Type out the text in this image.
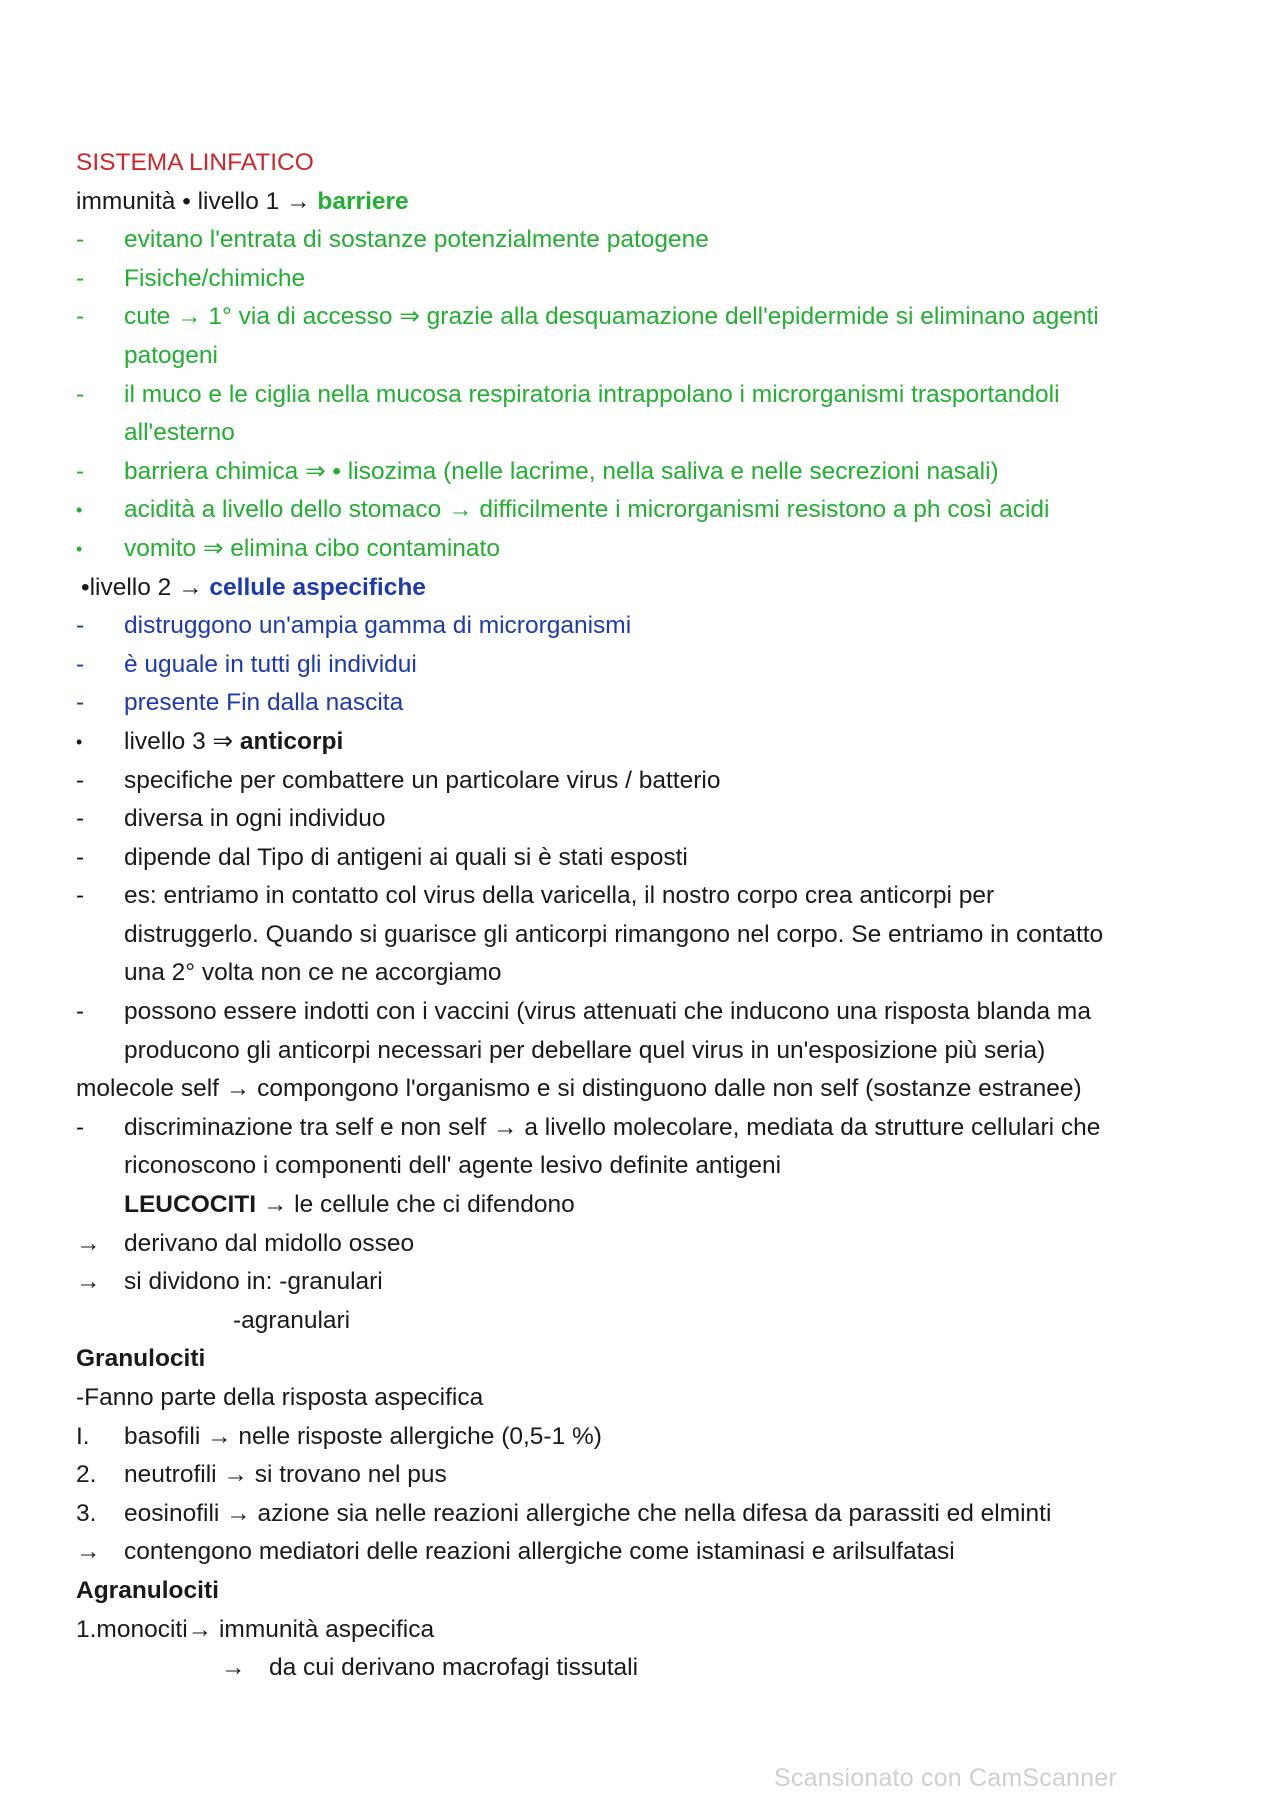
SISTEMA LINFATICO
immunità • livello 1 → barriere
- evitano l'entrata di sostanze potenzialmente patogene
- Fisiche/chimiche
- cute → 1° via di accesso ⇒ grazie alla desquamazione dell'epidermide si eliminano agenti
patogeni
- il muco e le ciglia nella mucosa respiratoria intrappolano i microrganismi trasportandoli
all'esterno
- barriera chimica ⇒ • lisozima (nelle lacrime, nella saliva e nelle secrezioni nasali)
• acidità a livello dello stomaco → difficilmente i microrganismi resistono a ph così acidi
• vomito ⇒ elimina cibo contaminato
•livello 2 → cellule aspecifiche
- distruggono un'ampia gamma di microrganismi
- è uguale in tutti gli individui
- presente Fin dalla nascita
• livello 3 ⇒ anticorpi
- specifiche per combattere un particolare virus / batterio
- diversa in ogni individuo
- dipende dal Tipo di antigeni ai quali si è stati esposti
- es: entriamo in contatto col virus della varicella, il nostro corpo crea anticorpi per
distruggerlo. Quando si guarisce gli anticorpi rimangono nel corpo. Se entriamo in contatto
una 2° volta non ce ne accorgiamo
- possono essere indotti con i vaccini (virus attenuati che inducono una risposta blanda ma
producono gli anticorpi necessari per debellare quel virus in un'esposizione più seria)
molecole self → compongono l'organismo e si distinguono dalle non self (sostanze estranee)
- discriminazione tra self e non self → a livello molecolare, mediata da strutture cellulari che
riconoscono i componenti dell' agente lesivo definite antigeni
LEUCOCITI → le cellule che ci difendono
→ derivano dal midollo osseo
→ si dividono in: -granulari
-agranulari
Granulociti
-Fanno parte della risposta aspecifica
I. basofili → nelle risposte allergiche (0,5-1 %)
2. neutrofili → si trovano nel pus
3. eosinofili → azione sia nelle reazioni allergiche che nella difesa da parassiti ed elminti
→ contengono mediatori delle reazioni allergiche come istaminasi e arilsulfatasi
Agranulociti
1.monociti→ immunità aspecifica
→ da cui derivano macrofagi tissutali
Scansionato con CamScanner
